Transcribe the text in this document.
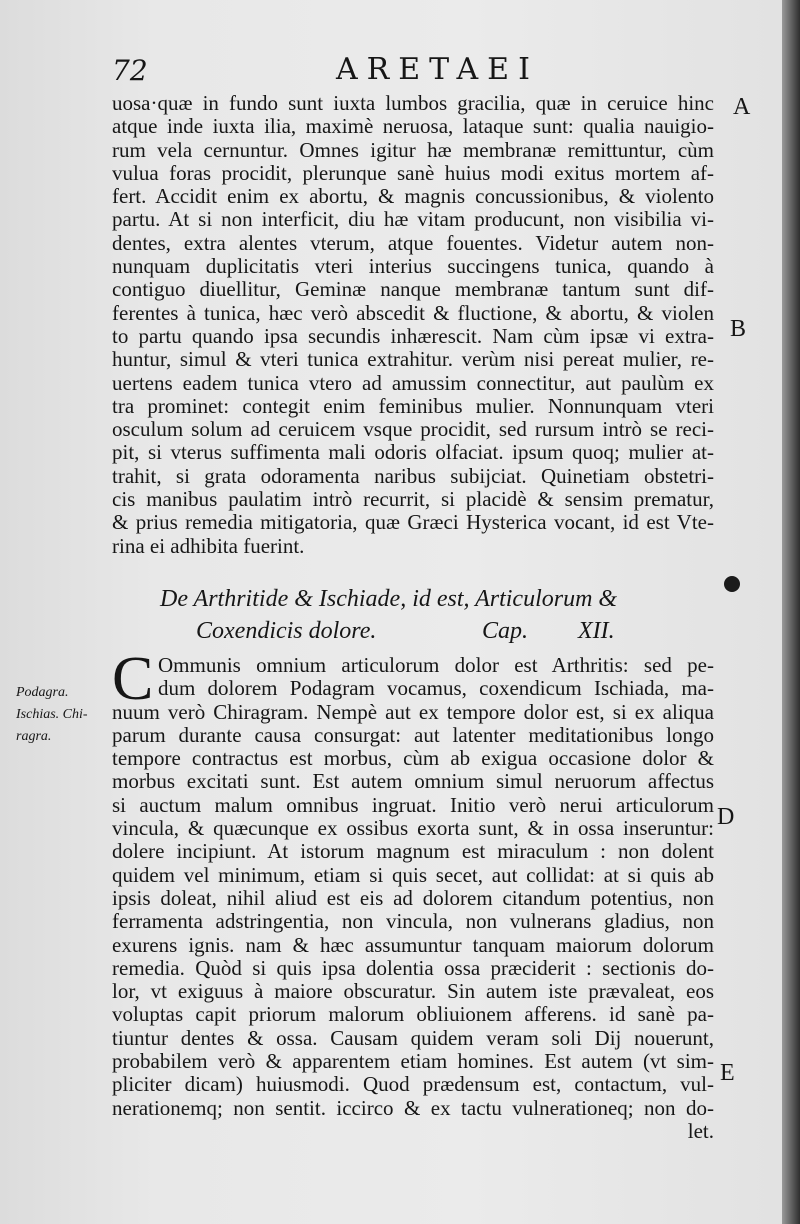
72	ARETAEI
uosa·quæ in fundo sunt iuxta lumbos gracilia, quæ in ceruice hinc
atque inde iuxta ilia, maximè neruosa, lataque sunt: qualia nauigio-
rum vela cernuntur. Omnes igitur hæ membranæ remittuntur, cùm
vulua foras procidit, plerunque sanè huius modi exitus mortem af-
fert. Accidit enim ex abortu, & magnis concussionibus, & violento
partu. At si non interficit, diu hæ vitam producunt, non visibilia vi-
dentes, extra alentes vterum, atque fouentes. Videtur autem non-
nunquam duplicitatis vteri interius succingens tunica, quando à
contiguo diuellitur, Geminæ nanque membranæ tantum sunt dif-
ferentes à tunica, hæc verò abscedit & fluctione, & abortu, & violen
to partu quando ipsa secundis inhærescit. Nam cùm ipsæ vi extra-
huntur, simul & vteri tunica extrahitur. verùm nisi pereat mulier, re-
uertens eadem tunica vtero ad amussim connectitur, aut paulùm ex
tra prominet: contegit enim feminibus mulier. Nonnunquam vteri
osculum solum ad ceruicem vsque procidit, sed rursum intrò se reci-
pit, si vterus suffimenta mali odoris olfaciat. ipsum quoq; mulier at-
trahit, si grata odoramenta naribus subijciat. Quinetiam obstetri-
cis manibus paulatim intrò recurrit, si placidè & sensim prematur,
& prius remedia mitigatoria, quæ Græci Hysterica vocant, id est Vte-
rina ei adhibita fuerint.
De Arthritide & Ischiade, id est, Articulorum &
Coxendicis dolore.	Cap. XII.
Podagra.
Ischias. Chi-
ragra.
C Ommunis omnium articulorum dolor est Arthritis: sed pe-
dum dolorem Podagram vocamus, coxendicum Ischiada, ma-
nuum verò Chiragram. Nempè aut ex tempore dolor est, si ex aliqua
parum durante causa consurgat: aut latenter meditationibus longo
tempore contractus est morbus, cùm ab exigua occasione dolor &
morbus excitati sunt. Est autem omnium simul neruorum affectus
si auctum malum omnibus ingruat. Initio verò nerui articulorum
vincula, & quæcunque ex ossibus exorta sunt, & in ossa inseruntur:
dolere incipiunt. At istorum magnum est miraculum : non dolent
quidem vel minimum, etiam si quis secet, aut collidat: at si quis ab
ipsis doleat, nihil aliud est eis ad dolorem citandum potentius, non
ferramenta adstringentia, non vincula, non vulnerans gladius, non
exurens ignis. nam & hæc assumuntur tanquam maiorum dolorum
remedia. Quòd si quis ipsa dolentia ossa præciderit : sectionis do-
lor, vt exiguus à maiore obscuratur. Sin autem iste prævaleat, eos
voluptas capit priorum malorum obliuionem afferens. id sanè pa-
tiuntur dentes & ossa. Causam quidem veram soli Dij nouerunt,
probabilem verò & apparentem etiam homines. Est autem (vt sim-
pliciter dicam) huiusmodi. Quod prædensum est, contactum, vul-
nerationemq; non sentit. iccirco & ex tactu vulnerationeq; non do-
let.
A
B
D
E
